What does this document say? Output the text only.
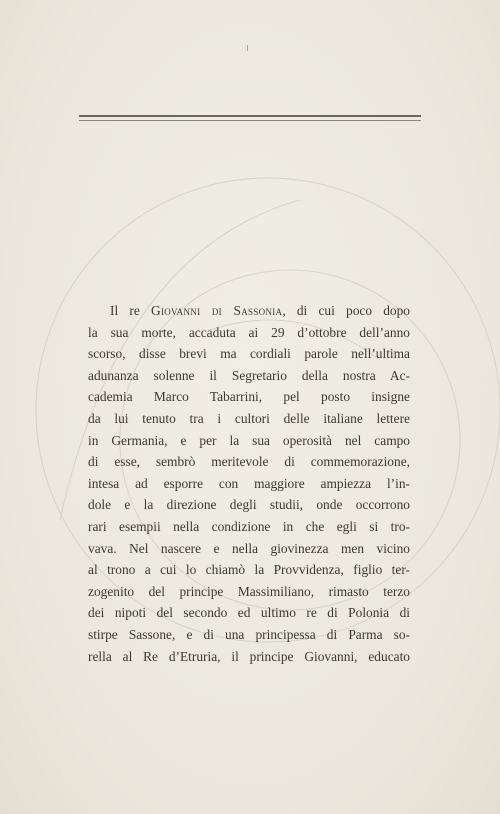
Il re Giovanni di Sassonia, di cui poco dopo
la sua morte, accaduta ai 29 d’ottobre dell’anno
scorso, disse brevi ma cordiali parole nell’ultima
adunanza solenne il Segretario della nostra Ac-
cademia Marco Tabarrini, pel posto insigne
da lui tenuto tra i cultori delle italiane lettere
in Germania, e per la sua operosità nel campo
di esse, sembrò meritevole di commemorazione,
intesa ad esporre con maggiore ampiezza l’in-
dole e la direzione degli studii, onde occorrono
rari esempii nella condizione in che egli si tro-
vava. Nel nascere e nella giovinezza men vicino
al trono a cui lo chiamò la Provvidenza, figlio ter-
zogenito del principe Massimiliano, rimasto terzo
dei nipoti del secondo ed ultimo re di Polonia di
stirpe Sassone, e di una principessa di Parma so-
rella al Re d’Etruria, il principe Giovanni, educato
